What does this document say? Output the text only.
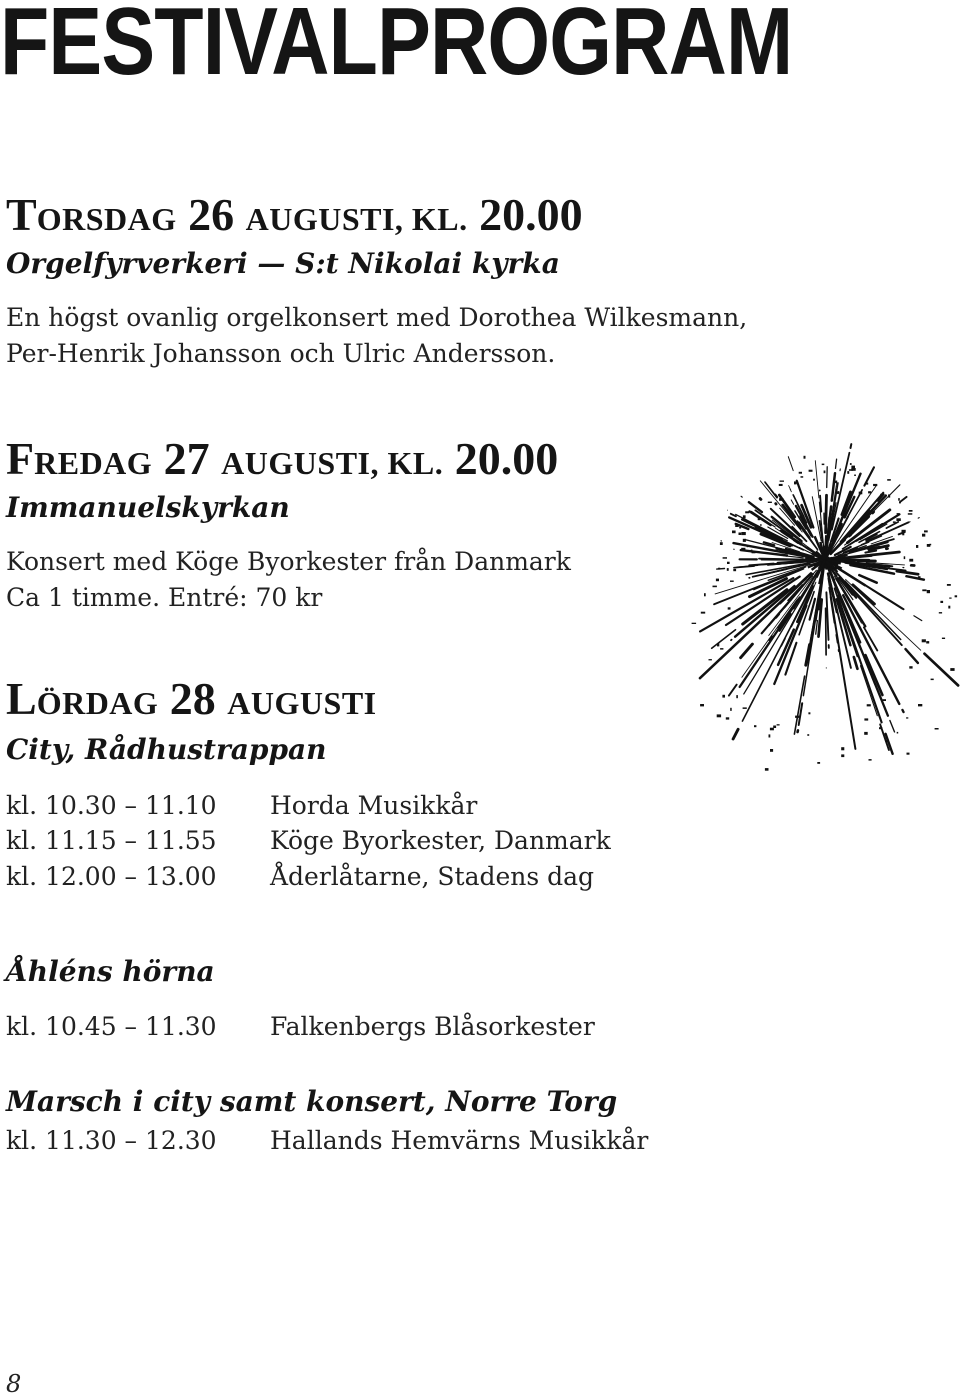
FESTIVALPROGRAM
TORSDAG 26 AUGUSTI, KL. 20.00
Orgelfyrverkeri — S:t Nikolai kyrka
En högst ovanlig orgelkonsert med Dorothea Wilkesmann,
Per-Henrik Johansson och Ulric Andersson.
FREDAG 27 AUGUSTI, KL. 20.00
Immanuelskyrkan
Konsert med Köge Byorkester från Danmark
Ca 1 timme. Entré: 70 kr
LÖRDAG 28 AUGUSTI
City, Rådhustrappan
kl. 10.30 – 11.10 Horda Musikkår
kl. 11.15 – 11.55 Köge Byorkester, Danmark
kl. 12.00 – 13.00 Åderlåtarne, Stadens dag
Åhléns hörna
kl. 10.45 – 11.30 Falkenbergs Blåsorkester
Marsch i city samt konsert, Norre Torg
kl. 11.30 – 12.30 Hallands Hemvärns Musikkår
8
